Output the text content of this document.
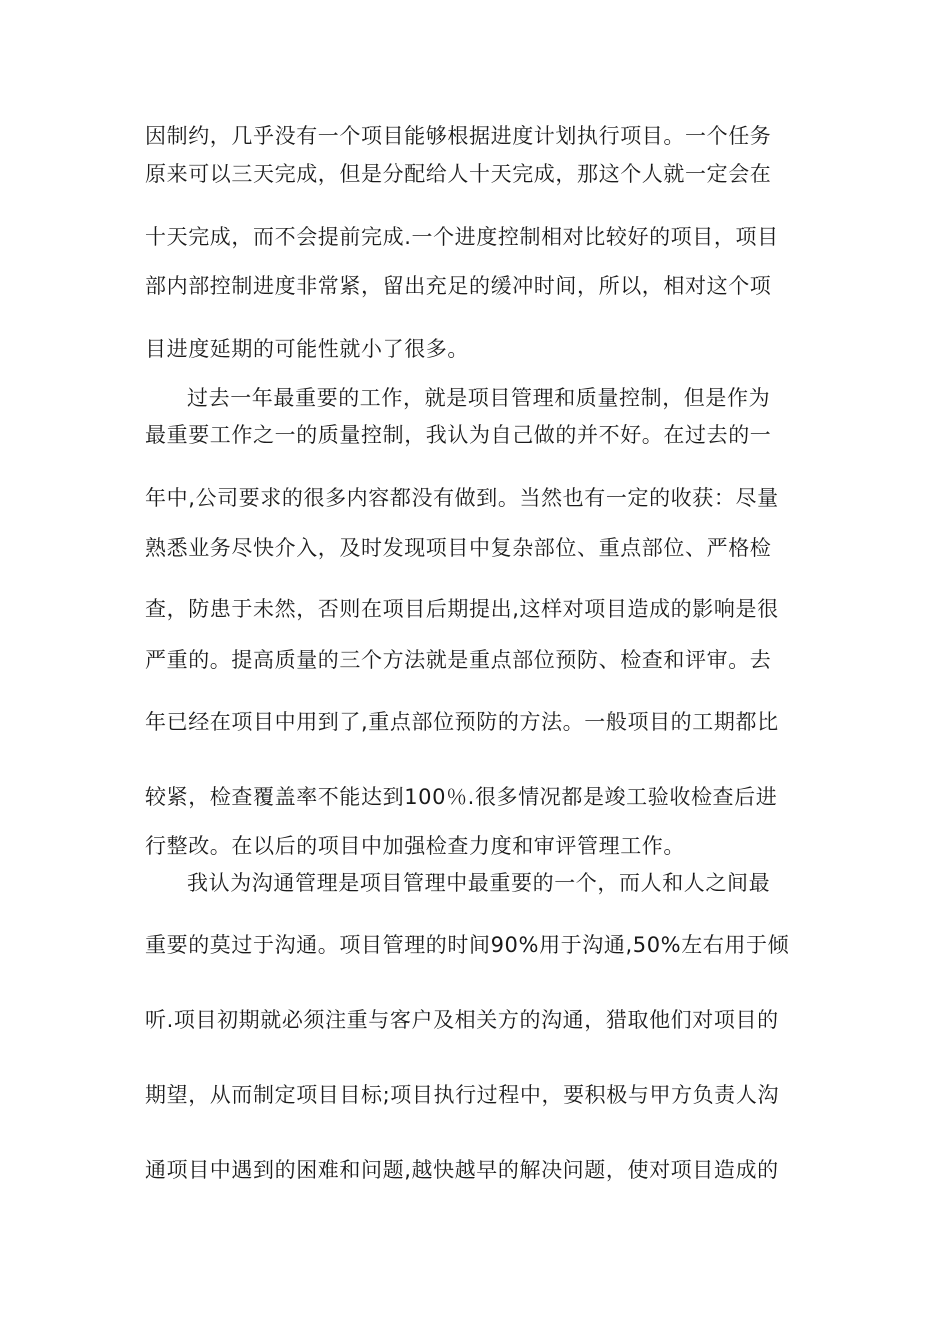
因制约，几乎没有一个项目能够根据进度计划执行项目。一个任务
原来可以三天完成，但是分配给人十天完成，那这个人就一定会在
十天完成，而不会提前完成.一个进度控制相对比较好的项目，项目
部内部控制进度非常紧，留出充足的缓冲时间，所以，相对这个项
目进度延期的可能性就小了很多。
过去一年最重要的工作，就是项目管理和质量控制，但是作为
最重要工作之一的质量控制，我认为自己做的并不好。在过去的一
年中,公司要求的很多内容都没有做到。当然也有一定的收获：尽量
熟悉业务尽快介入，及时发现项目中复杂部位、重点部位、严格检
查，防患于未然，否则在项目后期提出,这样对项目造成的影响是很
严重的。提高质量的三个方法就是重点部位预防、检查和评审。去
年已经在项目中用到了,重点部位预防的方法。一般项目的工期都比
较紧，检查覆盖率不能达到100％.很多情况都是竣工验收检查后进
行整改。在以后的项目中加强检查力度和审评管理工作。
我认为沟通管理是项目管理中最重要的一个，而人和人之间最
重要的莫过于沟通。项目管理的时间90%用于沟通,50%左右用于倾
听.项目初期就必须注重与客户及相关方的沟通，猎取他们对项目的
期望，从而制定项目目标;项目执行过程中，要积极与甲方负责人沟
通项目中遇到的困难和问题,越快越早的解决问题，使对项目造成的
